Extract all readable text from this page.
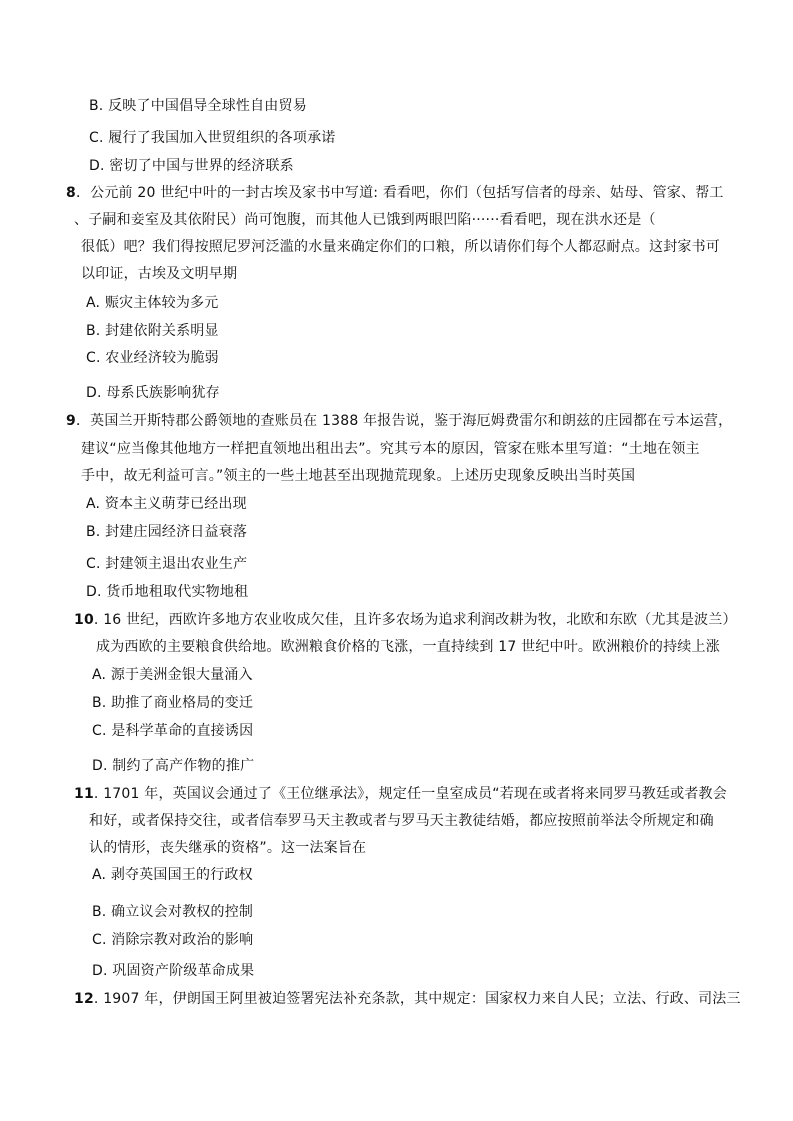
B. 反映了中国倡导全球性自由贸易
C. 履行了我国加入世贸组织的各项承诺
D. 密切了中国与世界的经济联系
8．公元前 20 世纪中叶的一封古埃及家书中写道: 看看吧，你们（包括写信者的母亲、姑母、管家、帮工
、子嗣和妾室及其依附民）尚可饱腹，而其他人已饿到两眼凹陷······看看吧，现在洪水还是（
很低）吧？我们得按照尼罗河泛滥的水量来确定你们的口粮，所以请你们每个人都忍耐点。这封家书可
以印证，古埃及文明早期
A. 赈灾主体较为多元
B. 封建依附关系明显
C. 农业经济较为脆弱
D. 母系氏族影响犹存
9．英国兰开斯特郡公爵领地的查账员在 1388 年报告说，鉴于海厄姆费雷尔和朗兹的庄园都在亏本运营，
建议“应当像其他地方一样把直领地出租出去”。究其亏本的原因，管家在账本里写道：“土地在领主
手中，故无利益可言。”领主的一些土地甚至出现抛荒现象。上述历史现象反映出当时英国
A. 资本主义萌芽已经出现
B. 封建庄园经济日益衰落
C. 封建领主退出农业生产
D. 货币地租取代实物地租
10. 16 世纪，西欧许多地方农业收成欠佳，且许多农场为追求利润改耕为牧，北欧和东欧（尤其是波兰）
成为西欧的主要粮食供给地。欧洲粮食价格的飞涨，一直持续到 17 世纪中叶。欧洲粮价的持续上涨
A. 源于美洲金银大量涌入
B. 助推了商业格局的变迁
C. 是科学革命的直接诱因
D. 制约了高产作物的推广
11. 1701 年，英国议会通过了《王位继承法》，规定任一皇室成员“若现在或者将来同罗马教廷或者教会
和好，或者保持交往，或者信奉罗马天主教或者与罗马天主教徒结婚，都应按照前举法令所规定和确
认的情形，丧失继承的资格”。这一法案旨在
A. 剥夺英国国王的行政权
B. 确立议会对教权的控制
C. 消除宗教对政治的影响
D. 巩固资产阶级革命成果
12. 1907 年，伊朗国王阿里被迫签署宪法补充条款，其中规定：国家权力来自人民；立法、行政、司法三
